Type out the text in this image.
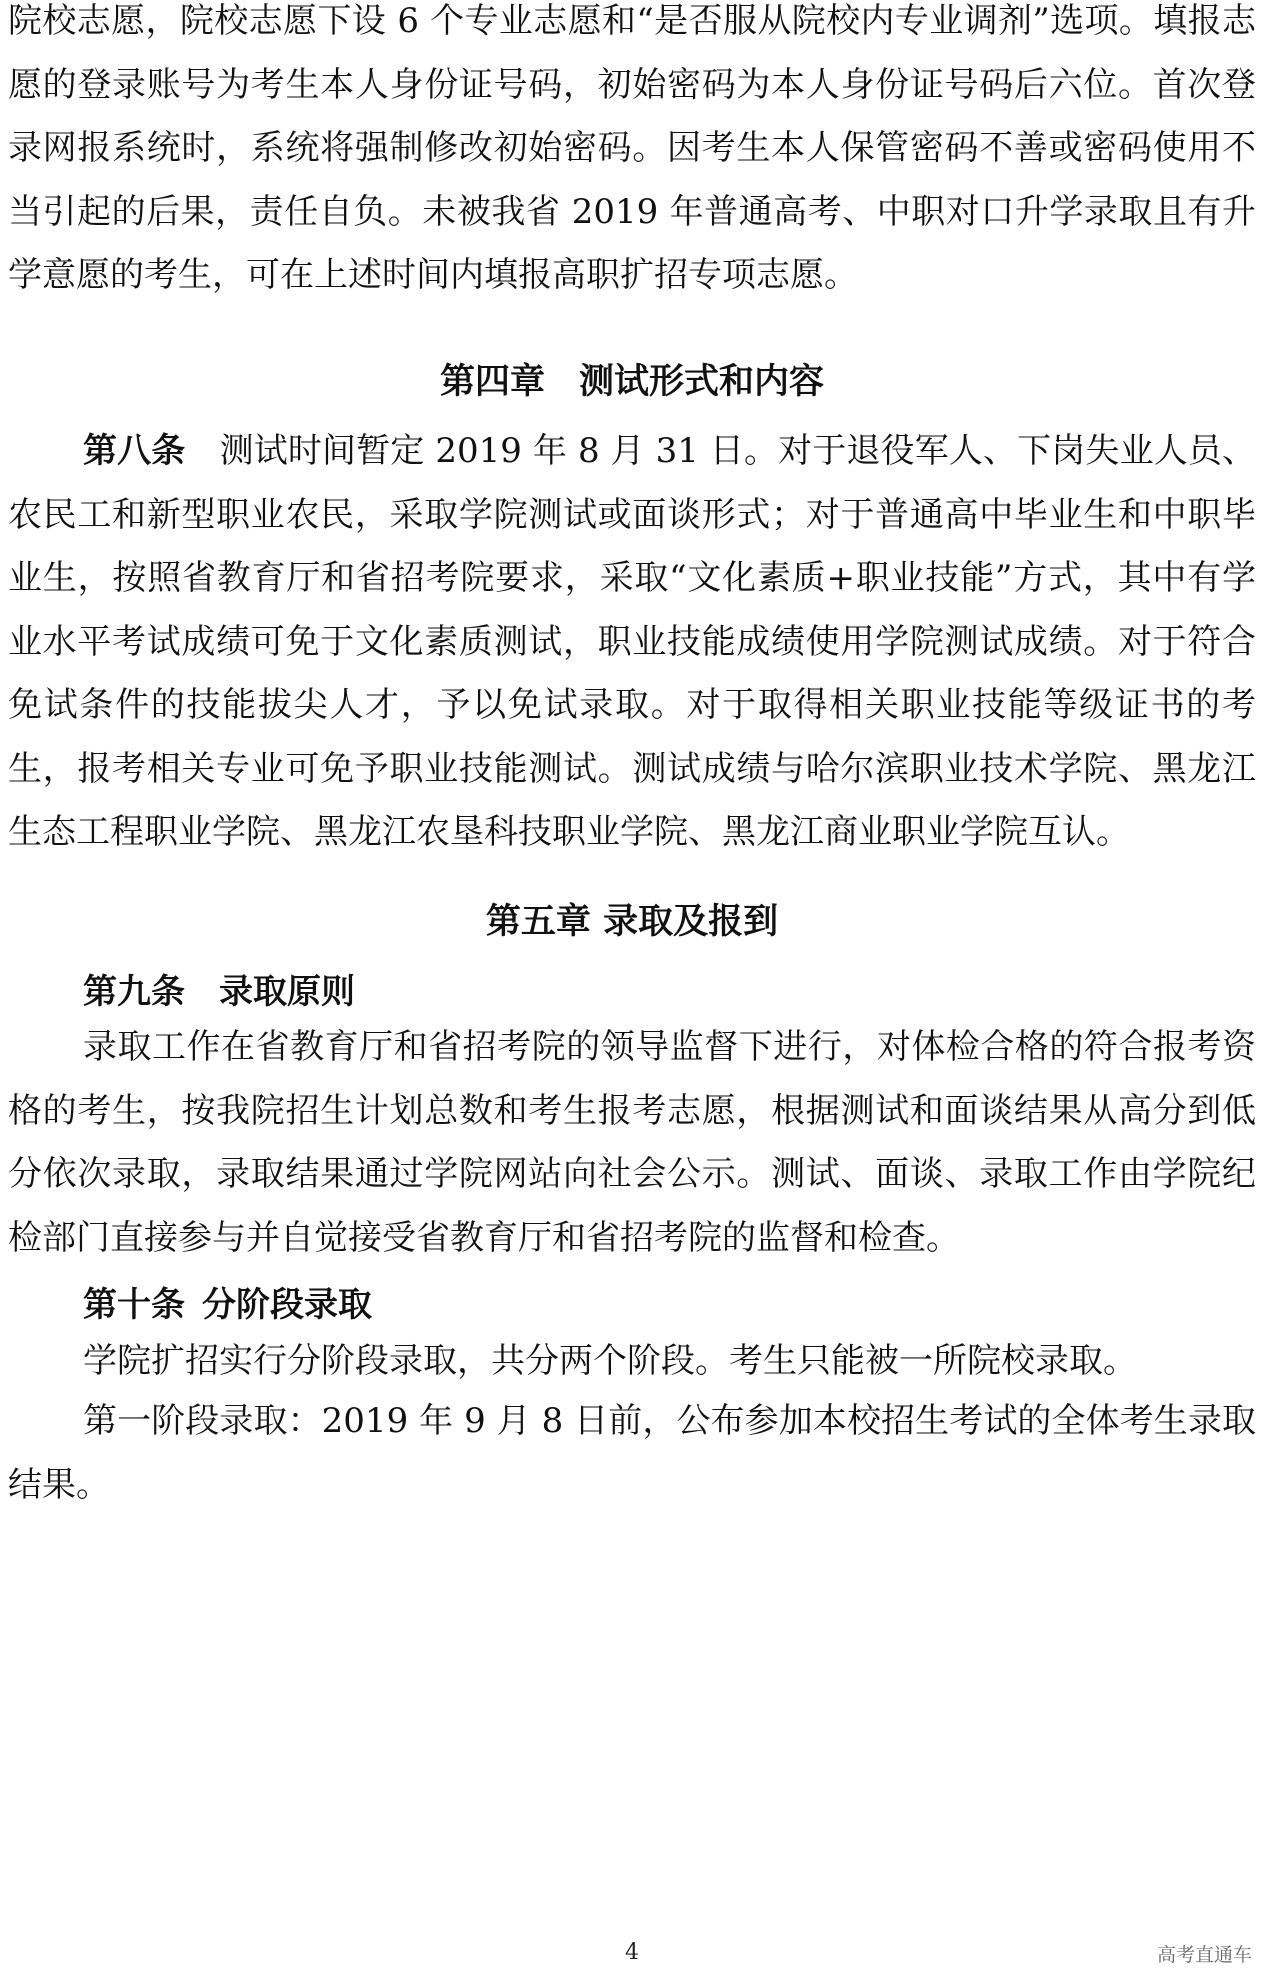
院校志愿，院校志愿下设 6 个专业志愿和“是否服从院校内专业调剂”选项。填报志愿的登录账号为考生本人身份证号码，初始密码为本人身份证号码后六位。首次登录网报系统时，系统将强制修改初始密码。因考生本人保管密码不善或密码使用不当引起的后果，责任自负。未被我省 2019 年普通高考、中职对口升学录取且有升学意愿的考生，可在上述时间内填报高职扩招专项志愿。

第四章 测试形式和内容

第八条 测试时间暂定 2019 年 8 月 31 日。对于退役军人、下岗失业人员、农民工和新型职业农民，采取学院测试或面谈形式；对于普通高中毕业生和中职毕业生，按照省教育厅和省招考院要求，采取“文化素质+职业技能”方式，其中有学业水平考试成绩可免于文化素质测试，职业技能成绩使用学院测试成绩。对于符合免试条件的技能拔尖人才，予以免试录取。对于取得相关职业技能等级证书的考生，报考相关专业可免予职业技能测试。测试成绩与哈尔滨职业技术学院、黑龙江生态工程职业学院、黑龙江农垦科技职业学院、黑龙江商业职业学院互认。

第五章 录取及报到

第九条 录取原则

录取工作在省教育厅和省招考院的领导监督下进行，对体检合格的符合报考资格的考生，按我院招生计划总数和考生报考志愿，根据测试和面谈结果从高分到低分依次录取，录取结果通过学院网站向社会公示。测试、面谈、录取工作由学院纪检部门直接参与并自觉接受省教育厅和省招考院的监督和检查。

第十条 分阶段录取

学院扩招实行分阶段录取，共分两个阶段。考生只能被一所院校录取。

第一阶段录取：2019 年 9 月 8 日前，公布参加本校招生考试的全体考生录取结果。

高考直通车
4
